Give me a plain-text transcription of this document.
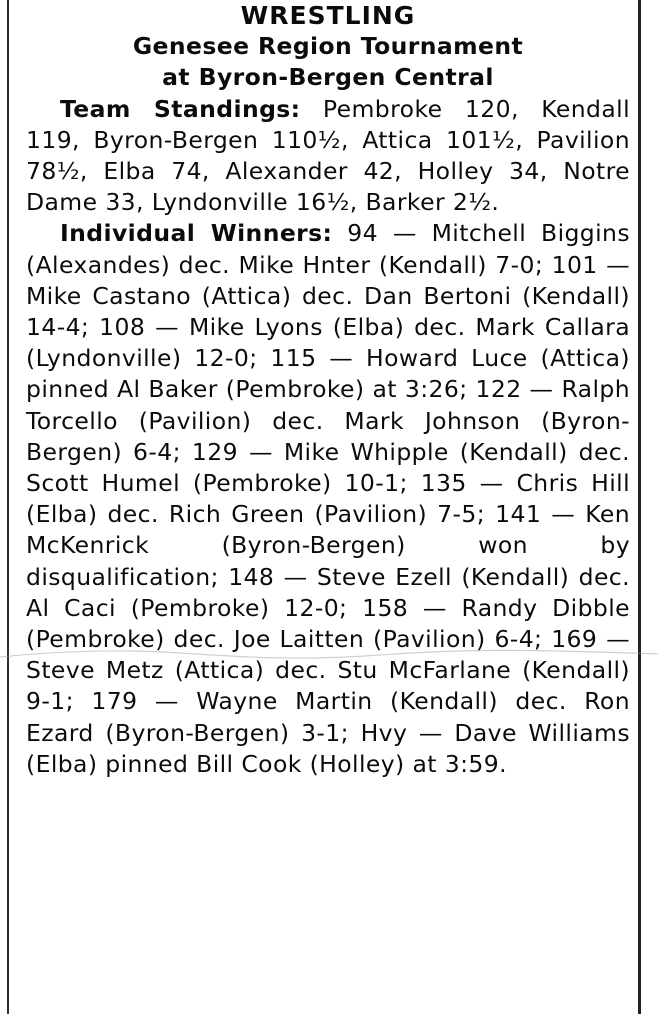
WRESTLING
Genesee Region Tournament
at Byron-Bergen Central

Team Standings: Pembroke 120, Kendall 119, Byron-Bergen 110½, Attica 101½, Pavilion 78½, Elba 74, Alexander 42, Holley 34, Notre Dame 33, Lyndonville 16½, Barker 2½.

Individual Winners: 94 — Mitchell Biggins (Alexandes) dec. Mike Hnter (Kendall) 7-0; 101 — Mike Castano (Attica) dec. Dan Bertoni (Kendall) 14-4; 108 — Mike Lyons (Elba) dec. Mark Callara (Lyndonville) 12-0; 115 — Howard Luce (Attica) pinned Al Baker (Pembroke) at 3:26; 122 — Ralph Torcello (Pavilion) dec. Mark Johnson (Byron-Bergen) 6-4; 129 — Mike Whipple (Kendall) dec. Scott Humel (Pembroke) 10-1; 135 — Chris Hill (Elba) dec. Rich Green (Pavilion) 7-5; 141 — Ken McKenrick (Byron-Bergen) won by disqualification; 148 — Steve Ezell (Kendall) dec. Al Caci (Pembroke) 12-0; 158 — Randy Dibble (Pembroke) dec. Joe Laitten (Pavilion) 6-4; 169 — Steve Metz (Attica) dec. Stu McFarlane (Kendall) 9-1; 179 — Wayne Martin (Kendall) dec. Ron Ezard (Byron-Bergen) 3-1; Hvy — Dave Williams (Elba) pinned Bill Cook (Holley) at 3:59.
